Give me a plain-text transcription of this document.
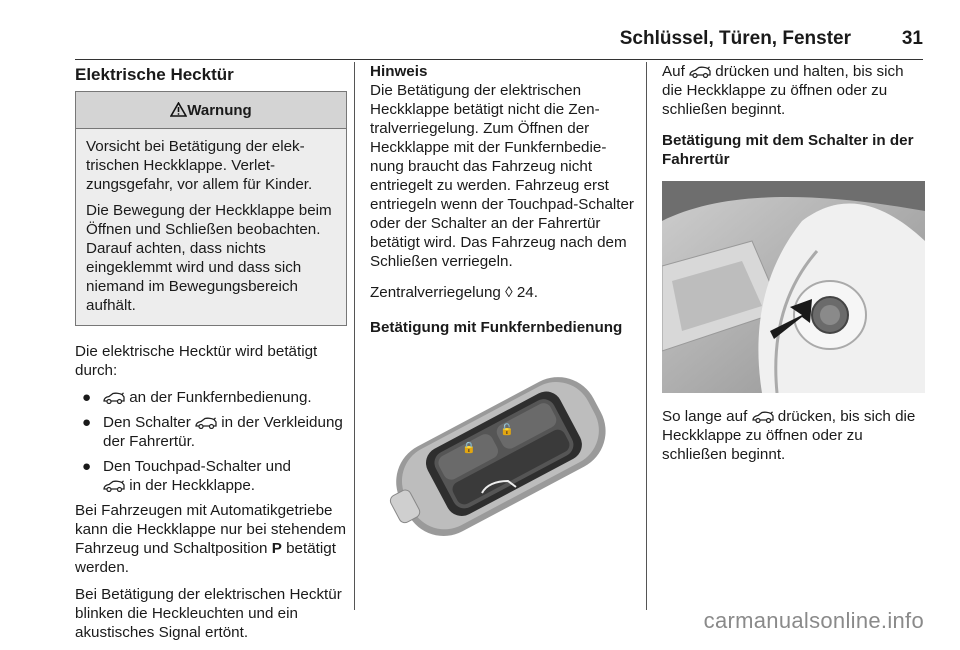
Schlüssel, Türen, Fenster	31
Elektrische Hecktür
Warnung

Vorsicht bei Betätigung der elektrischen Heckklappe. Verletzungsgefahr, vor allem für Kinder.

Die Bewegung der Heckklappe beim Öffnen und Schließen beobachten. Darauf achten, dass nichts eingeklemmt wird und dass sich niemand im Bewegungsbereich aufhält.

Die elektrische Hecktür wird betätigt durch:

●	an der Funkfernbedienung.
● Den Schalter in der Verkleidung der Fahrertür.
● Den Touchpad-Schalter und
in der Heckklappe.

Bei Fahrzeugen mit Automatikgetriebe kann die Heckklappe nur bei stehendem Fahrzeug und Schaltposition P betätigt werden.

Bei Betätigung der elektrischen Hecktür blinken die Heckleuchten und ein akustisches Signal ertönt.

Hinweis

Die Betätigung der elektrischen Heckklappe betätigt nicht die Zentralverriegelung. Zum Öffnen der Heckklappe mit der Funkfernbedienung braucht das Fahrzeug nicht entriegelt zu werden. Fahrzeug erst entriegeln wenn der Touchpad-Schalter oder der Schalter an der Fahrertür betätigt wird. Das Fahrzeug nach dem Schließen verriegeln.

Zentralverriegelung ◊ 24.

Betätigung mit Funkfernbedienung
🔒
🔓

Auf drücken und halten, bis sich die Heckklappe zu öffnen oder zu schließen beginnt.

Betätigung mit dem Schalter in der Fahrertür

So lange auf drücken, bis sich die Heckklappe zu öffnen oder zu schließen beginnt.

carmanualsonline.info
